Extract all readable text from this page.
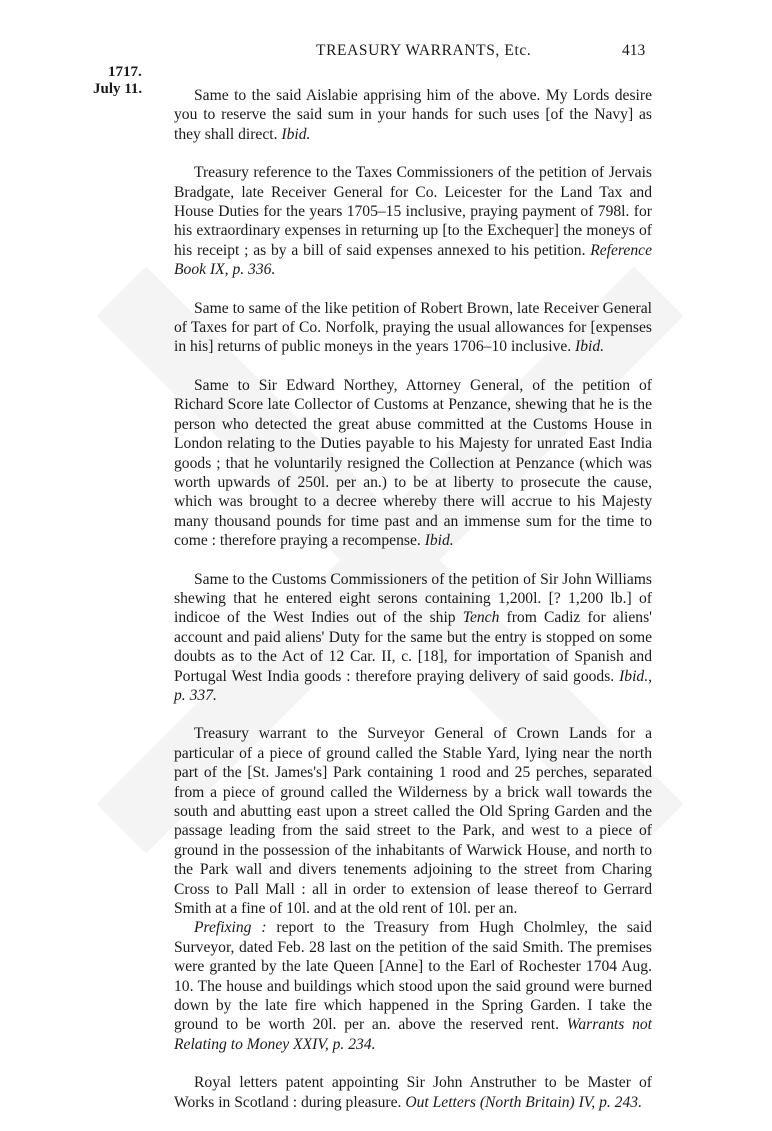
TREASURY WARRANTS, Etc.	413
1717.
July 11.	Same to the said Aislabie apprising him of the above. My Lords desire you to reserve the said sum in your hands for such uses [of the Navy] as they shall direct. Ibid.

Treasury reference to the Taxes Commissioners of the petition of Jervais Bradgate, late Receiver General for Co. Leicester for the Land Tax and House Duties for the years 1705–15 inclusive, praying payment of 798l. for his extraordinary expenses in returning up [to the Exchequer] the moneys of his receipt ; as by a bill of said expenses annexed to his petition. Reference Book IX, p. 336.

Same to same of the like petition of Robert Brown, late Receiver General of Taxes for part of Co. Norfolk, praying the usual allowances for [expenses in his] returns of public moneys in the years 1706–10 inclusive. Ibid.

Same to Sir Edward Northey, Attorney General, of the petition of Richard Score late Collector of Customs at Penzance, shewing that he is the person who detected the great abuse committed at the Customs House in London relating to the Duties payable to his Majesty for unrated East India goods ; that he voluntarily resigned the Collection at Penzance (which was worth upwards of 250l. per an.) to be at liberty to prosecute the cause, which was brought to a decree whereby there will accrue to his Majesty many thousand pounds for time past and an immense sum for the time to come : therefore praying a recompense. Ibid.

Same to the Customs Commissioners of the petition of Sir John Williams shewing that he entered eight serons containing 1,200l. [? 1,200 lb.] of indicoe of the West Indies out of the ship Tench from Cadiz for aliens' account and paid aliens' Duty for the same but the entry is stopped on some doubts as to the Act of 12 Car. II, c. [18], for importation of Spanish and Portugal West India goods : therefore praying delivery of said goods. Ibid., p. 337.

Treasury warrant to the Surveyor General of Crown Lands for a particular of a piece of ground called the Stable Yard, lying near the north part of the [St. James's] Park containing 1 rood and 25 perches, separated from a piece of ground called the Wilderness by a brick wall towards the south and abutting east upon a street called the Old Spring Garden and the passage leading from the said street to the Park, and west to a piece of ground in the possession of the inhabitants of Warwick House, and north to the Park wall and divers tenements adjoining to the street from Charing Cross to Pall Mall : all in order to extension of lease thereof to Gerrard Smith at a fine of 10l. and at the old rent of 10l. per an.

Prefixing : report to the Treasury from Hugh Cholmley, the said Surveyor, dated Feb. 28 last on the petition of the said Smith. The premises were granted by the late Queen [Anne] to the Earl of Rochester 1704 Aug. 10. The house and buildings which stood upon the said ground were burned down by the late fire which happened in the Spring Garden. I take the ground to be worth 20l. per an. above the reserved rent. Warrants not Relating to Money XXIV, p. 234.

Royal letters patent appointing Sir John Anstruther to be Master of Works in Scotland : during pleasure. Out Letters (North Britain) IV, p. 243.
